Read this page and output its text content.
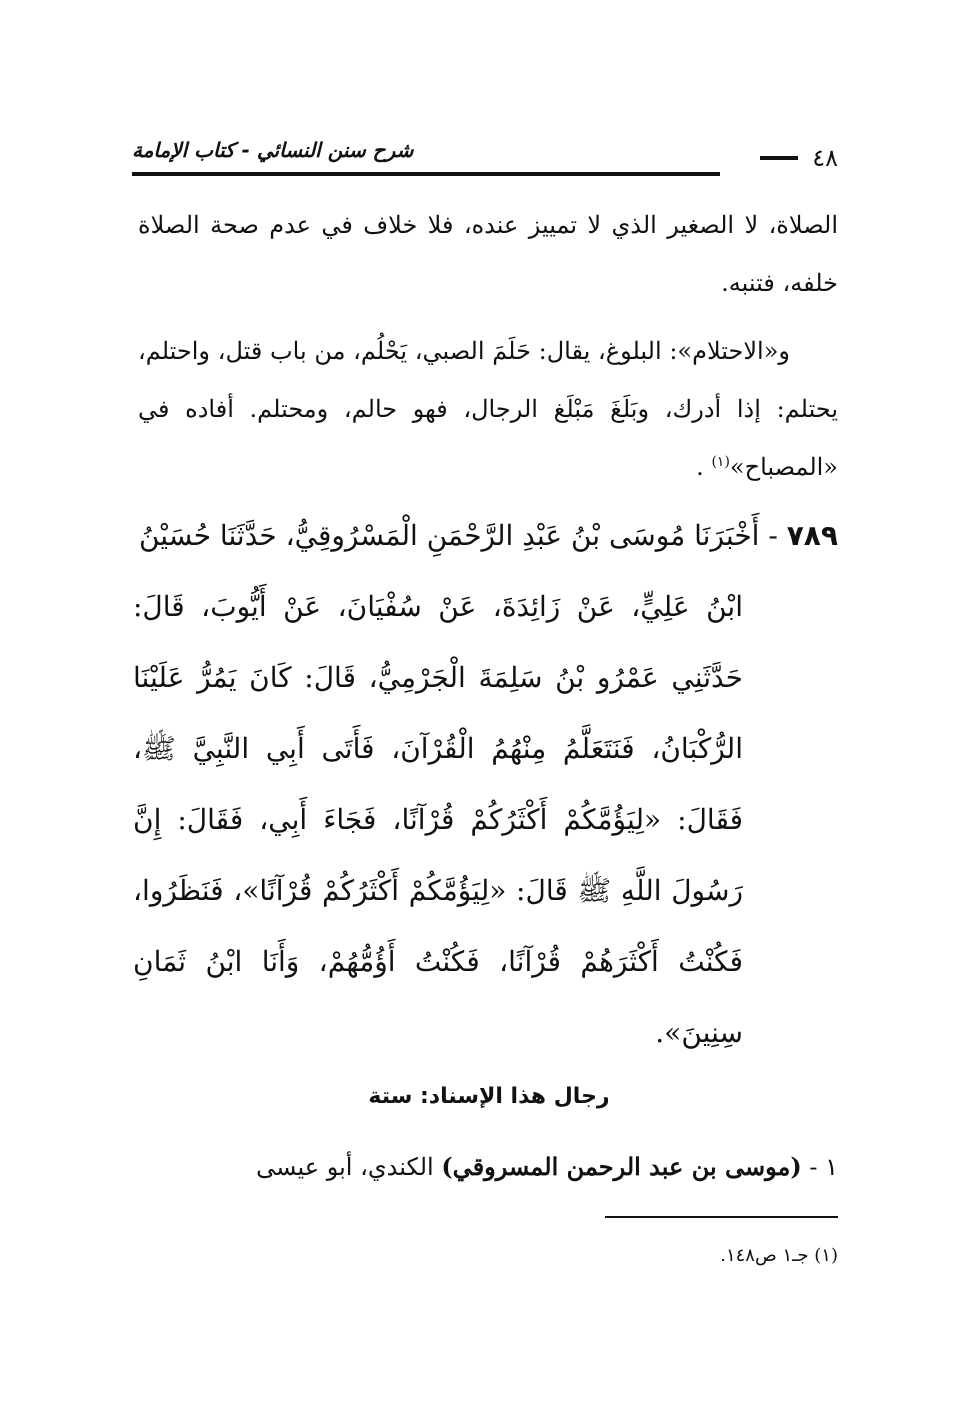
شرح سنن النسائي - كتاب الإمامة	٤٨
الصلاة، لا الصغير الذي لا تمييز عنده، فلا خلاف في عدم صحة الصلاة خلفه، فتنبه.
و«الاحتلام»: البلوغ، يقال: حَلَمَ الصبي، يَحْلُم، من باب قتل، واحتلم، يحتلم: إذا أدرك، وبَلَغَ مَبْلَغ الرجال، فهو حالم، ومحتلم. أفاده في «المصباح»$^{(١)}$ .
٧٨٩ - أَخْبَرَنَا مُوسَى بْنُ عَبْدِ الرَّحْمَنِ الْمَسْرُوقِيُّ، حَدَّثَنَا حُسَيْنُ
ابْنُ عَلِيٍّ، عَنْ زَائِدَةَ، عَنْ سُفْيَانَ، عَنْ أَيُّوبَ، قَالَ: حَدَّثَنِي عَمْرُو بْنُ سَلِمَةَ الْجَرْمِيُّ، قَالَ: كَانَ يَمُرُّ عَلَيْنَا الرُّكْبَانُ، فَنَتَعَلَّمُ مِنْهُمُ الْقُرْآنَ، فَأَتَى أَبِي النَّبِيَّ ﷺ، فَقَالَ: «لِيَؤُمَّكُمْ أَكْثَرُكُمْ قُرْآنًا، فَجَاءَ أَبِي، فَقَالَ: إِنَّ رَسُولَ اللَّهِ ﷺ قَالَ: «لِيَؤُمَّكُمْ أَكْثَرُكُمْ قُرْآنًا»، فَنَظَرُوا، فَكُنْتُ أَكْثَرَهُمْ قُرْآنًا، فَكُنْتُ أَؤُمُّهُمْ، وَأَنَا ابْنُ ثَمَانِ سِنِينَ».
رجال هذا الإسناد: ستة
١ - (موسى بن عبد الرحمن المسروقي) الكندي، أبو عيسى
(١) جـ١ ص١٤٨.
